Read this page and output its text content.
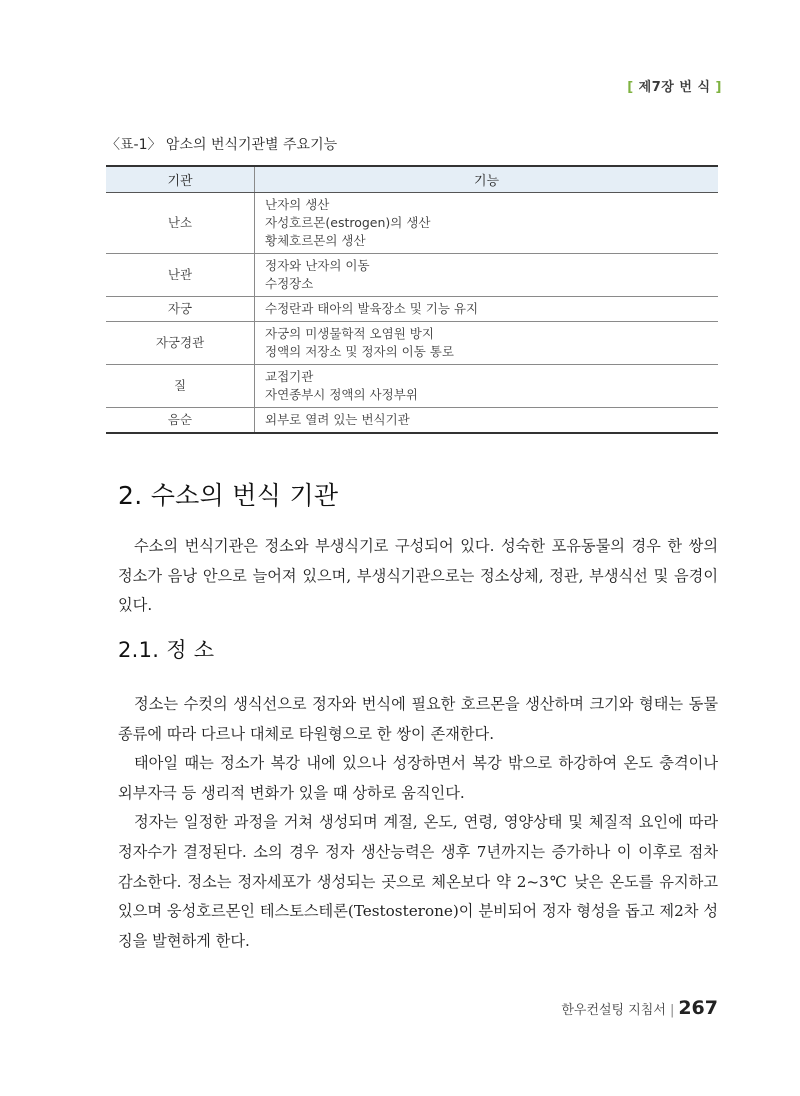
[ 제7장 번 식 ]
〈표-1〉 암소의 번식기관별 주요기능
기관	기능
난소	난자의 생산
자성호르몬(estrogen)의 생산
황체호르몬의 생산

난관	정자와 난자의 이동
수정장소

자궁	수정란과 태아의 발육장소 및 기능 유지

자궁경관	자궁의 미생물학적 오염원 방지
정액의 저장소 및 정자의 이동 통로

질	교접기관
자연종부시 정액의 사정부위

음순	외부로 열려 있는 번식기관
2. 수소의 번식 기관
수소의 번식기관은 정소와 부생식기로 구성되어 있다. 성숙한 포유동물의 경우 한 쌍의 정소가 음낭 안으로 늘어져 있으며, 부생식기관으로는 정소상체, 정관, 부생식선 및 음경이 있다.
2.1. 정 소

정소는 수컷의 생식선으로 정자와 번식에 필요한 호르몬을 생산하며 크기와 형태는 동물 종류에 따라 다르나 대체로 타원형으로 한 쌍이 존재한다.

태아일 때는 정소가 복강 내에 있으나 성장하면서 복강 밖으로 하강하여 온도 충격이나 외부자극 등 생리적 변화가 있을 때 상하로 움직인다.

정자는 일정한 과정을 거쳐 생성되며 계절, 온도, 연령, 영양상태 및 체질적 요인에 따라 정자수가 결정된다. 소의 경우 정자 생산능력은 생후 7년까지는 증가하나 이 이후로 점차 감소한다. 정소는 정자세포가 생성되는 곳으로 체온보다 약 2~3℃ 낮은 온도를 유지하고 있으며 웅성호르몬인 테스토스테론(Testosterone)이 분비되어 정자 형성을 돕고 제2차 성징을 발현하게 한다.

한우컨설팅 지침서 | 267
